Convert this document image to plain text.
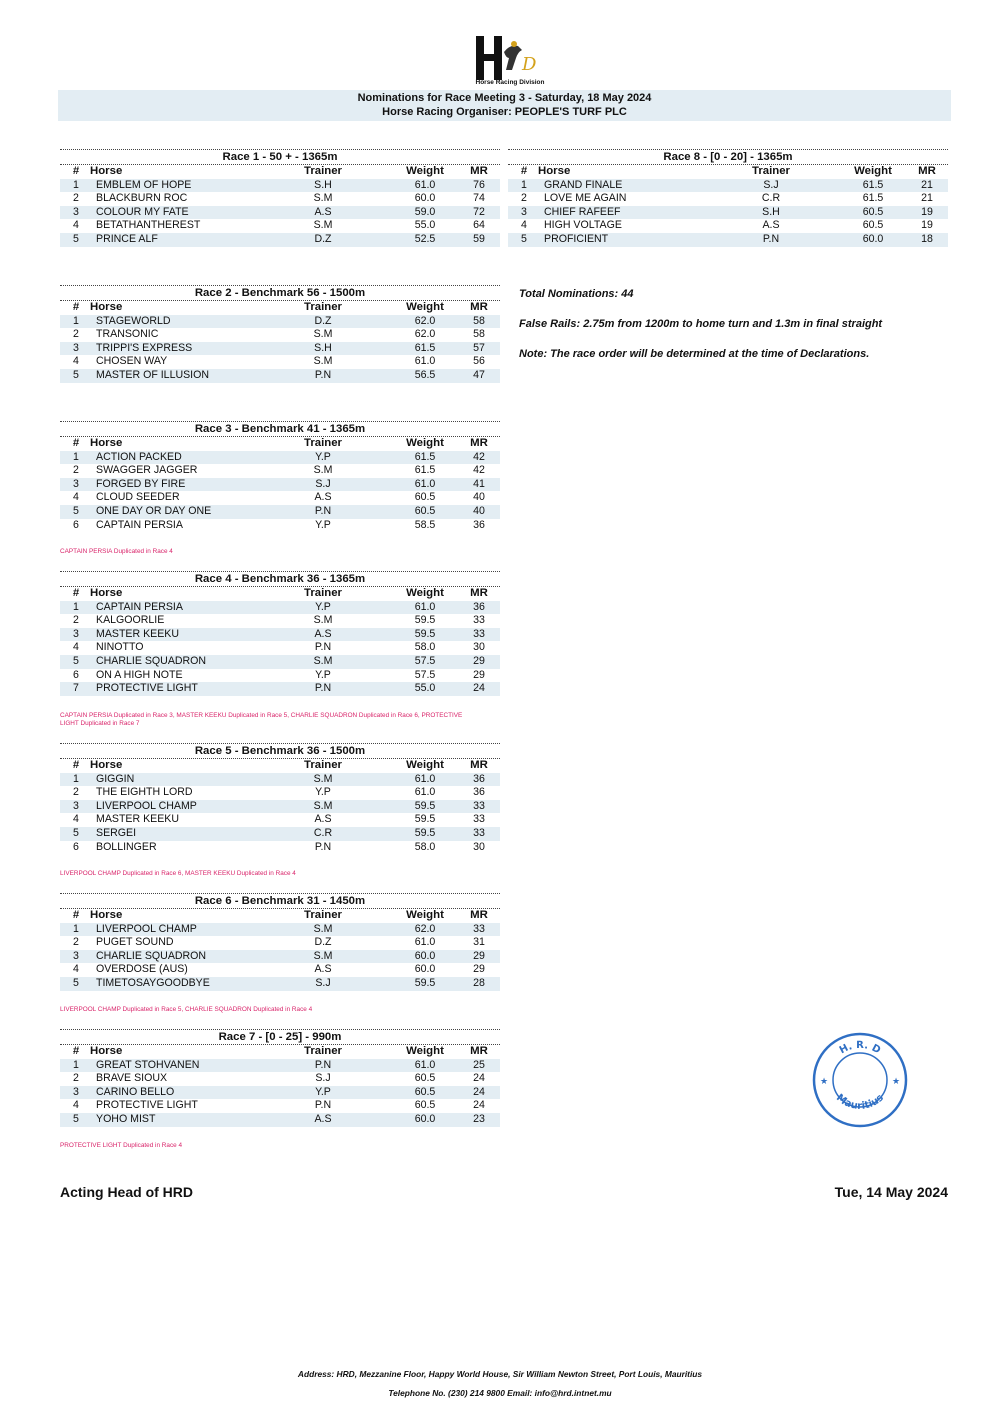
D
Horse Racing Division
Nominations for Race Meeting 3 - Saturday, 18 May 2024
Horse Racing Organiser: PEOPLE'S TURF PLC
Race 1 - 50 + - 1365m
# Horse	Trainer	Weight	MR
1	EMBLEM OF HOPE	S.H	61.0	76
2	BLACKBURN ROC	S.M	60.0	74
3	COLOUR MY FATE	A.S	59.0	72
4	BETATHANTHEREST	S.M	55.0	64
5	PRINCE ALF	D.Z	52.5	59
Race 2 - Benchmark 56 - 1500m
# Horse	Trainer	Weight	MR
1	STAGEWORLD	D.Z	62.0	58
2	TRANSONIC	S.M	62.0	58
3	TRIPPI'S EXPRESS	S.H	61.5	57
4	CHOSEN WAY	S.M	61.0	56
5	MASTER OF ILLUSION	P.N	56.5	47
Race 3 - Benchmark 41 - 1365m
# Horse	Trainer	Weight	MR
1	ACTION PACKED	Y.P	61.5	42
2	SWAGGER JAGGER	S.M	61.5	42
3	FORGED BY FIRE	S.J	61.0	41
4	CLOUD SEEDER	A.S	60.5	40
5	ONE DAY OR DAY ONE	P.N	60.5	40
6	CAPTAIN PERSIA	Y.P	58.5	36
CAPTAIN PERSIA Duplicated in Race 4
Race 4 - Benchmark 36 - 1365m
# Horse	Trainer	Weight	MR
1	CAPTAIN PERSIA	Y.P	61.0	36
2	KALGOORLIE	S.M	59.5	33
3	MASTER KEEKU	A.S	59.5	33
4	NINOTTO	P.N	58.0	30
5	CHARLIE SQUADRON	S.M	57.5	29
6	ON A HIGH NOTE	Y.P	57.5	29
7	PROTECTIVE LIGHT	P.N	55.0	24
CAPTAIN PERSIA Duplicated in Race 3, MASTER KEEKU Duplicated in Race 5, CHARLIE SQUADRON Duplicated in Race 6, PROTECTIVE LIGHT Duplicated in Race 7
Race 5 - Benchmark 36 - 1500m
# Horse	Trainer	Weight	MR
1	GIGGIN	S.M	61.0	36
2	THE EIGHTH LORD	Y.P	61.0	36
3	LIVERPOOL CHAMP	S.M	59.5	33
4	MASTER KEEKU	A.S	59.5	33
5	SERGEI	C.R	59.5	33
6	BOLLINGER	P.N	58.0	30
LIVERPOOL CHAMP Duplicated in Race 6, MASTER KEEKU Duplicated in Race 4
Race 6 - Benchmark 31 - 1450m
# Horse	Trainer	Weight	MR
1	LIVERPOOL CHAMP	S.M	62.0	33
2	PUGET SOUND	D.Z	61.0	31
3	CHARLIE SQUADRON	S.M	60.0	29
4	OVERDOSE (AUS)	A.S	60.0	29
5	TIMETOSAYGOODBYE	S.J	59.5	28
LIVERPOOL CHAMP Duplicated in Race 5, CHARLIE SQUADRON Duplicated in Race 4
Race 7 - [0 - 25] - 990m
# Horse	Trainer	Weight	MR
1	GREAT STOHVANEN	P.N	61.0	25
2	BRAVE SIOUX	S.J	60.5	24
3	CARINO BELLO	Y.P	60.5	24
4	PROTECTIVE LIGHT	P.N	60.5	24
5	YOHO MIST	A.S	60.0	23
PROTECTIVE LIGHT Duplicated in Race 4
Race 8 - [0 - 20] - 1365m
# Horse	Trainer	Weight	MR
1	GRAND FINALE	S.J	61.5	21
2	LOVE ME AGAIN	C.R	61.5	21
3	CHIEF RAFEEF	S.H	60.5	19
4	HIGH VOLTAGE	A.S	60.5	19
5	PROFICIENT	P.N	60.0	18
Total Nominations: 44
False Rails: 2.75m from 1200m to home turn and 1.3m in final straight
Note: The race order will be determined at the time of Declarations.
H. R. D
Mauritius
★	★
Acting Head of HRD	Tue, 14 May 2024
Address: HRD, Mezzanine Floor, Happy World House, Sir William Newton Street, Port Louis, Mauritius
Telephone No. (230) 214 9800 Email: info@hrd.intnet.mu
